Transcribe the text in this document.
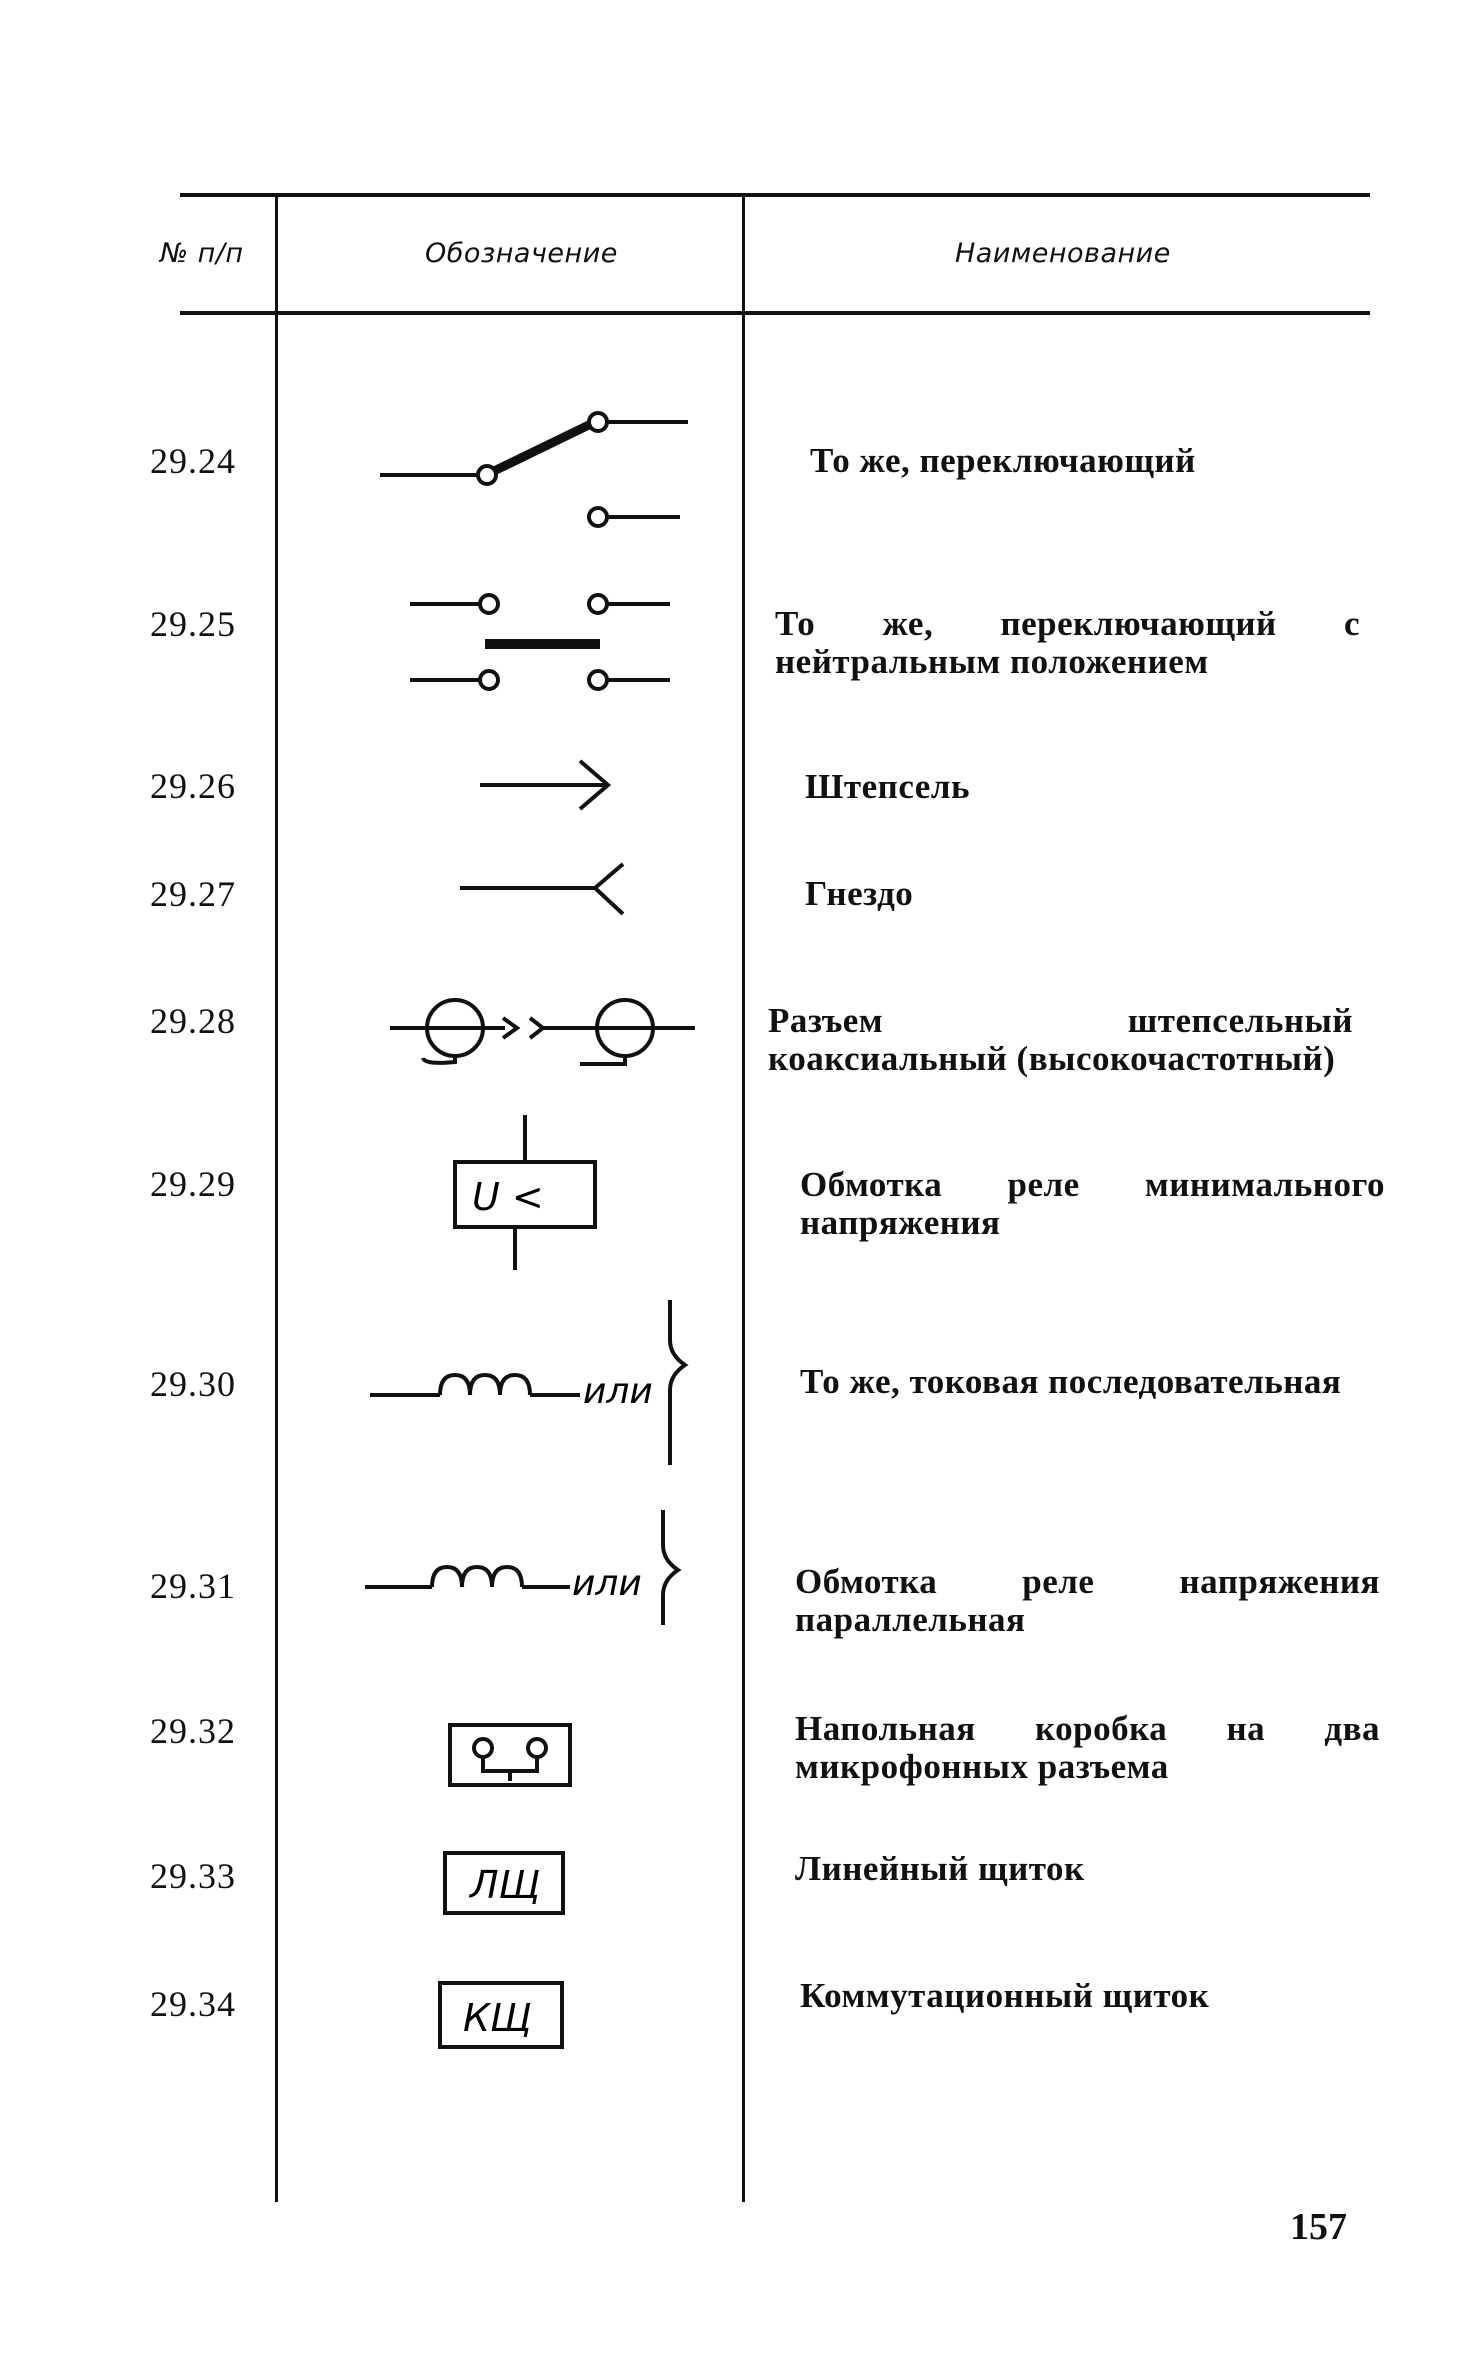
№ п/п	Обозначение	Наименование
29.24
29.25
29.26
29.27
29.28
29.29
29.30
29.31
29.32
29.33
29.34
То же, переключающий
То же, переключающий с нейтральным положением
Штепсель
Гнездо
Разъем штепсельный коаксиальный (высокочастотный)
Обмотка реле минимального напряжения
То же, токовая последовательная
Обмотка реле напряжения параллельная
Напольная коробка на два микрофонных разъема
Линейный щиток
Коммутационный щиток
U <
или
или
ЛЩ
КЩ
157
